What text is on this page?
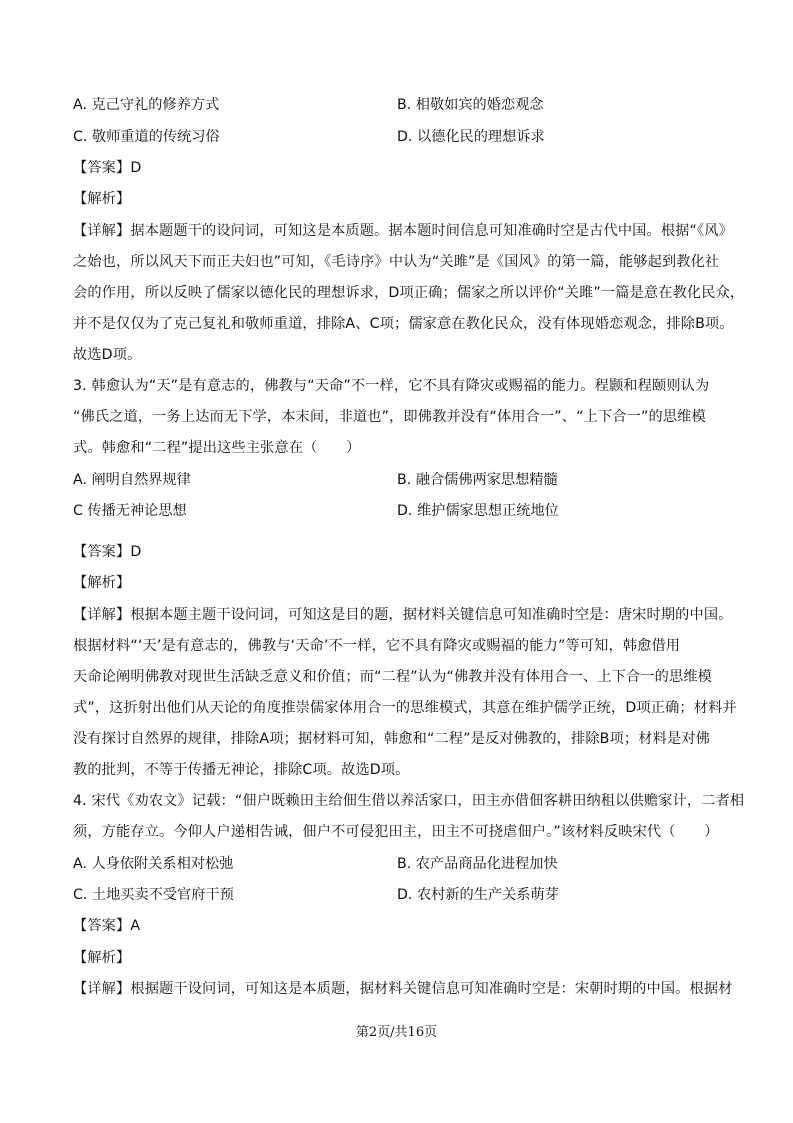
A. 克己守礼的修养方式	B. 相敬如宾的婚恋观念
C. 敬师重道的传统习俗	D. 以德化民的理想诉求
【答案】D
【解析】
【详解】据本题题干的设问词，可知这是本质题。据本题时间信息可知准确时空是古代中国。根据“《风》
之始也，所以风天下而正夫妇也”可知，《毛诗序》中认为“关雎”是《国风》的第一篇，能够起到教化社
会的作用，所以反映了儒家以德化民的理想诉求，D项正确；儒家之所以评价“关雎”一篇是意在教化民众，
并不是仅仅为了克己复礼和敬师重道，排除A、C项；儒家意在教化民众，没有体现婚恋观念，排除B项。
故选D项。
3. 韩愈认为“天”是有意志的，佛教与“天命”不一样，它不具有降灾或赐福的能力。程颢和程颐则认为
“佛氏之道，一务上达而无下学，本末间，非道也”，即佛教并没有“体用合一”、“上下合一”的思维模
式。韩愈和“二程”提出这些主张意在（　　）
A. 阐明自然界规律	B. 融合儒佛两家思想精髓
C 传播无神论思想	D. 维护儒家思想正统地位
【答案】D
【解析】
【详解】根据本题主题干设问词，可知这是目的题，据材料关键信息可知准确时空是：唐宋时期的中国。
根据材料“‘天’是有意志的，佛教与‘天命’不一样，它不具有降灾或赐福的能力”等可知，韩愈借用
天命论阐明佛教对现世生活缺乏意义和价值；而“二程”认为“佛教并没有体用合一、上下合一的思维模
式”，这折射出他们从天论的角度推崇儒家体用合一的思维模式，其意在维护儒学正统，D项正确；材料并
没有探讨自然界的规律，排除A项；据材料可知，韩愈和“二程”是反对佛教的，排除B项；材料是对佛
教的批判，不等于传播无神论，排除C项。故选D项。
4. 宋代《劝农文》记载：“佃户既赖田主给佃生借以养活家口，田主亦借佃客耕田纳租以供赡家计，二者相
须，方能存立。今仰人户递相告诫，佃户不可侵犯田主，田主不可挠虐佃户。”该材料反映宋代（　　）
A. 人身依附关系相对松弛	B. 农产品商品化进程加快
C. 土地买卖不受官府干预	D. 农村新的生产关系萌芽
【答案】A
【解析】
【详解】根据题干设问词，可知这是本质题，据材料关键信息可知准确时空是：宋朝时期的中国。根据材
第2页/共16页
